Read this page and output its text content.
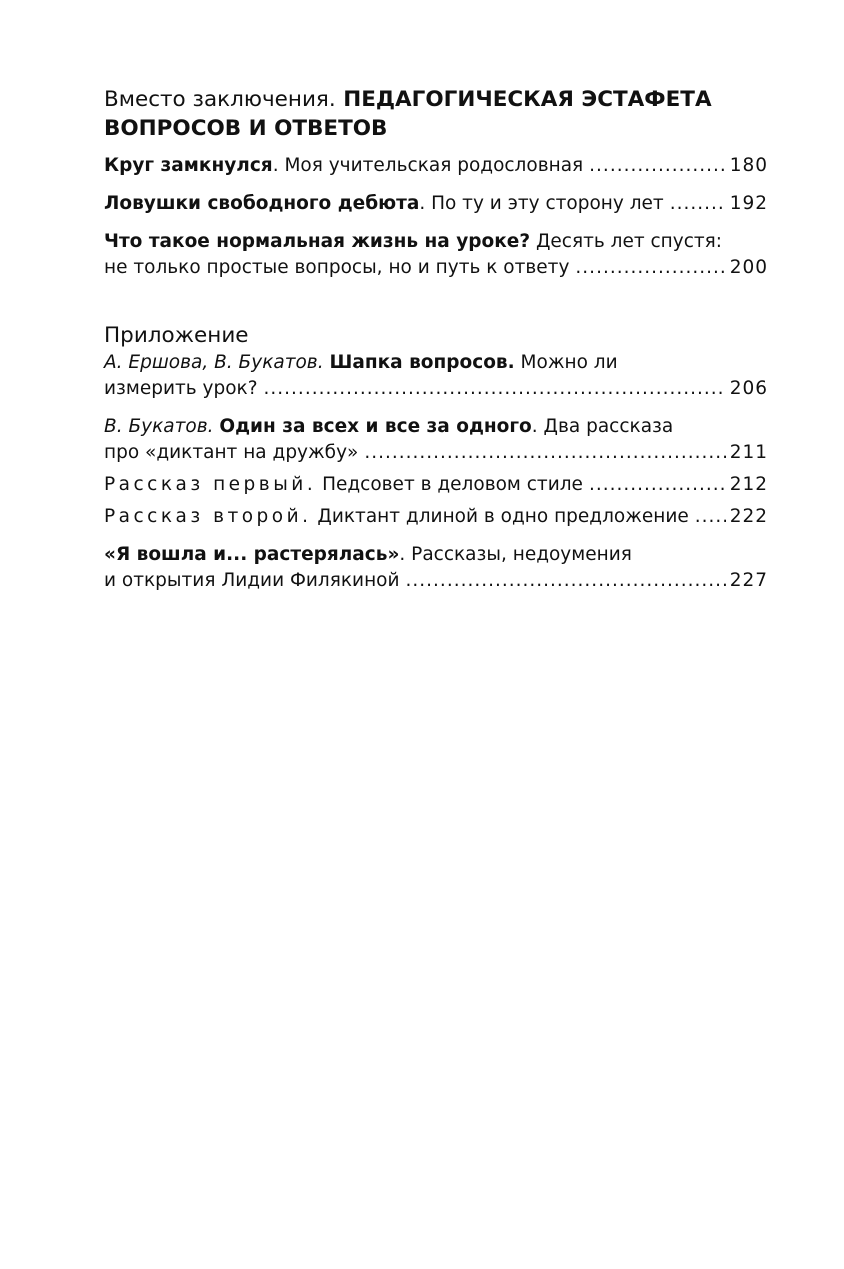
Вместо заключения. ПЕДАГОГИЧЕСКАЯ ЭСТАФЕТА
ВОПРОСОВ И ОТВЕТОВ
Круг замкнулся. Моя учительская родословная .....	180
Ловушки свободного дебюта. По ту и эту сторону лет .....	192
Что такое нормальная жизнь на уроке? Десять лет спустя:
не только простые вопросы, но и путь к ответу .....	200
Приложение
А. Ершова, В. Букатов. Шапка вопросов. Можно ли
измерить урок? .....	206
В. Букатов. Один за всех и все за одного. Два рассказа
про «диктант на дружбу» .....	211
Рассказ первый. Педсовет в деловом стиле .....	212
Рассказ второй. Диктант длиной в одно предложение ..... 222
«Я вошла и... растерялась». Рассказы, недоумения
и открытия Лидии Филякиной .....	227
